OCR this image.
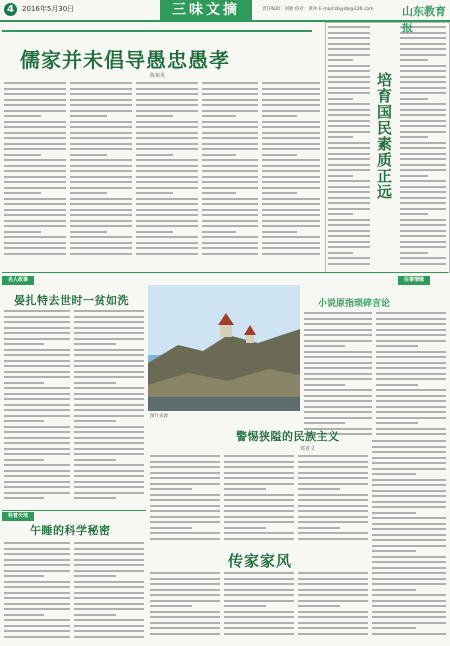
4	2016年5月30日	三味文摘	责任编辑：刘歌 校对：黄冲 E-mail:zbjydb@126.com	山东教育
儒家并未倡导愚忠愚孝
陈祖英	培育国民素质正远
名人故事
晏扎特去世时一贫如洗
图片来源
往事情缘
小说原指琐碎言论
警惕狭隘的民族主义
邓亚文
科普天地
午睡的科学秘密
传家家风
